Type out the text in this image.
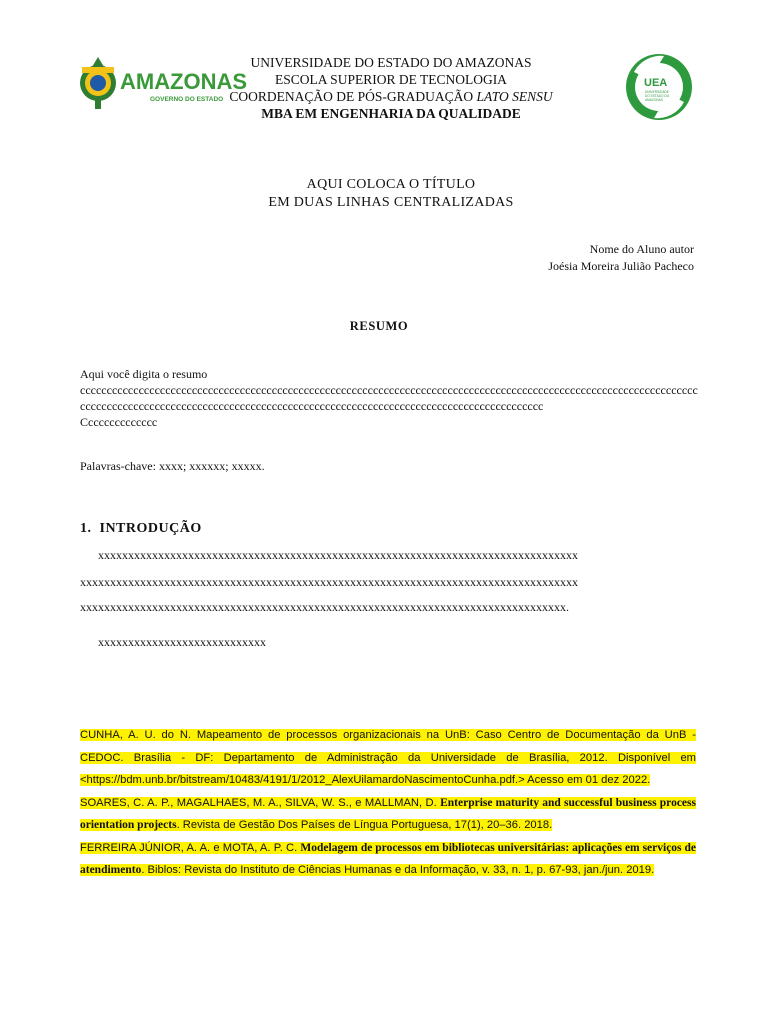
AMAZONAS
GOVERNO DO ESTADO
UEA
UNIVERSIDADE
DO ESTADO DO
AMAZONAS
UNIVERSIDADE DO ESTADO DO AMAZONAS
ESCOLA SUPERIOR DE TECNOLOGIA
COORDENAÇÃO DE PÓS-GRADUAÇÃO LATO SENSU
MBA EM ENGENHARIA DA QUALIDADE
AQUI COLOCA O TÍTULO
EM DUAS LINHAS CENTRALIZADAS
Nome do Aluno autor
Joésia Moreira Julião Pacheco
RESUMO
Aqui você digita o resumo
ccccccccccccccccccccccccccccccccccccccccccccccccccccccccccccccccccccccccccccccccccccccccccccccccccccccccccccccccccccccccccccccccccccccccccccccccccccccccccccccccccccccccccccccccccccccccccccccccccccccccccc
Cccccccccccccc
Palavras-chave: xxxx; xxxxxx; xxxxx.
1. INTRODUÇÃO
xxxxxxxxxxxxxxxxxxxxxxxxxxxxxxxxxxxxxxxxxxxxxxxxxxxxxxxxxxxxxxxxxxxxxxxxxxxxxxxx
xxxxxxxxxxxxxxxxxxxxxxxxxxxxxxxxxxxxxxxxxxxxxxxxxxxxxxxxxxxxxxxxxxxxxxxxxxxxxxxxxxx
xxxxxxxxxxxxxxxxxxxxxxxxxxxxxxxxxxxxxxxxxxxxxxxxxxxxxxxxxxxxxxxxxxxxxxxxxxxxxxxxx.
xxxxxxxxxxxxxxxxxxxxxxxxxxxx

CUNHA, A. U. do N. Mapeamento de processos organizacionais na UnB: Caso Centro de Documentação da UnB - CEDOC. Brasília - DF: Departamento de Administração da Universidade de Brasília, 2012. Disponível em <https://bdm.unb.br/bitstream/10483/4191/1/2012_AlexUilamardoNascimentoCunha.pdf.> Acesso em 01 dez 2022.

SOARES, C. A. P., MAGALHAES, M. A., SILVA, W. S., e MALLMAN, D. Enterprise maturity and successful business process orientation projects. Revista de Gestão Dos Países de Língua Portuguesa, 17(1), 20–36. 2018.

FERREIRA JÚNIOR, A. A. e MOTA, A. P. C. Modelagem de processos em bibliotecas universitárias: aplicações em serviços de atendimento. Biblos: Revista do Instituto de Ciências Humanas e da Informação, v. 33, n. 1, p. 67-93, jan./jun. 2019.
